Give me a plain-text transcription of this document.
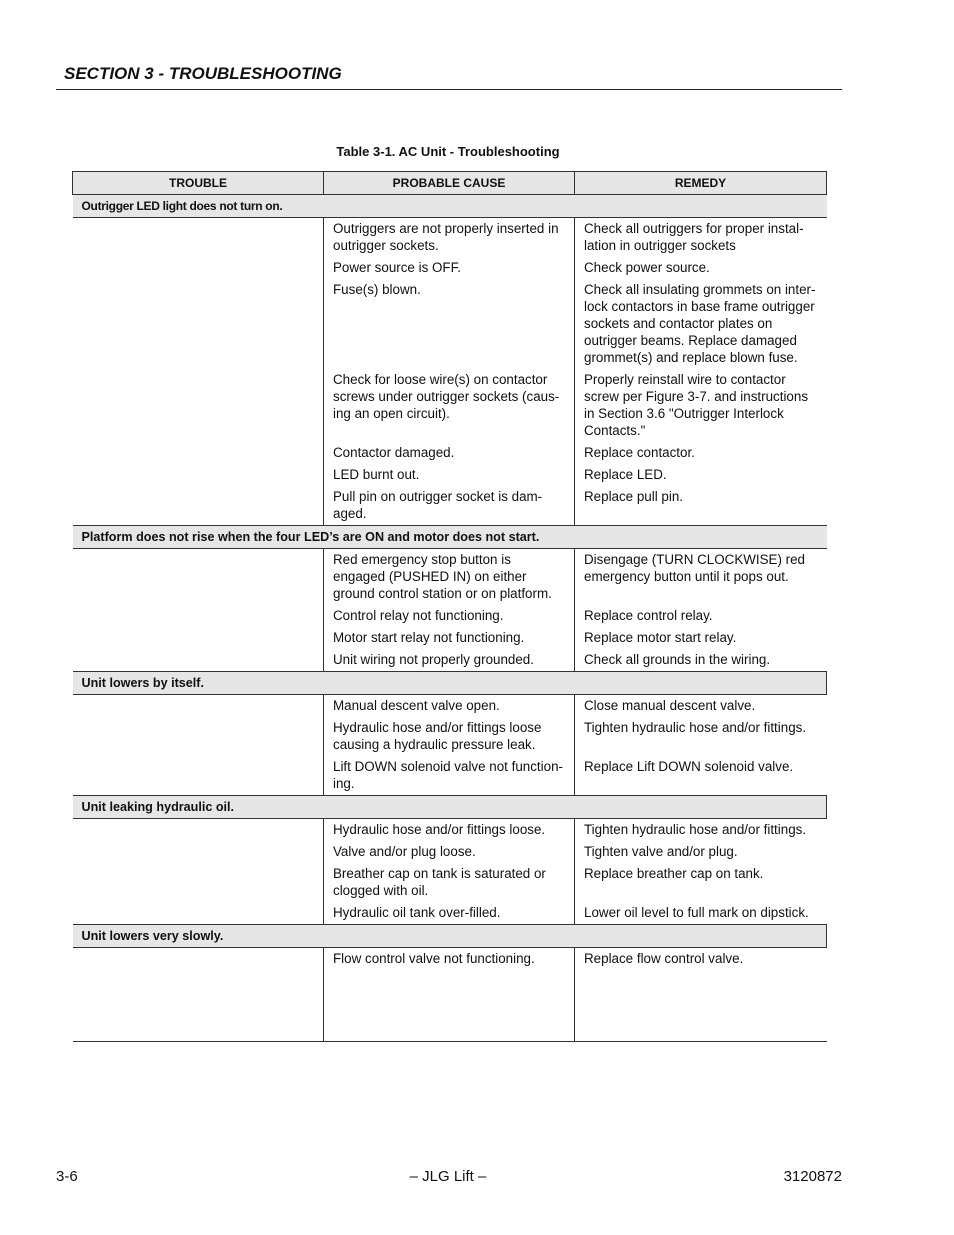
SECTION 3 - TROUBLESHOOTING
Table 3-1. AC Unit - Troubleshooting
TROUBLE	PROBABLE CAUSE	REMEDY
Outrigger LED light does not turn on.		
	Outriggers are not properly inserted in outrigger sockets.	Check all outriggers for proper instal-lation in outrigger sockets
	Power source is OFF.	Check power source.
	Fuse(s) blown.	Check all insulating grommets on inter-lock contactors in base frame outrigger sockets and contactor plates on outrigger beams. Replace damaged grommet(s) and replace blown fuse.
	Check for loose wire(s) on contactor screws under outrigger sockets (caus-ing an open circuit).	Properly reinstall wire to contactor screw per Figure 3-7. and instructions in Section 3.6 "Outrigger Interlock Contacts."
	Contactor damaged.	Replace contactor.
	LED burnt out.	Replace LED.
	Pull pin on outrigger socket is dam-aged.	Replace pull pin.
Platform does not rise when the four LED’s are ON and motor does not start.		
	Red emergency stop button is engaged (PUSHED IN) on either ground control station or on platform.	Disengage (TURN CLOCKWISE) red emergency button until it pops out.
	Control relay not functioning.	Replace control relay.
	Motor start relay not functioning.	Replace motor start relay.
	Unit wiring not properly grounded.	Check all grounds in the wiring.
Unit lowers by itself.		
	Manual descent valve open.	Close manual descent valve.
	Hydraulic hose and/or fittings loose causing a hydraulic pressure leak.	Tighten hydraulic hose and/or fittings.
	Lift DOWN solenoid valve not function-ing.	Replace Lift DOWN solenoid valve.
Unit leaking hydraulic oil.		
	Hydraulic hose and/or fittings loose.	Tighten hydraulic hose and/or fittings.
	Valve and/or plug loose.	Tighten valve and/or plug.
	Breather cap on tank is saturated or clogged with oil.	Replace breather cap on tank.
	Hydraulic oil tank over-filled.	Lower oil level to full mark on dipstick.
Unit lowers very slowly.		
	Flow control valve not functioning.	Replace flow control valve.
3-6	– JLG Lift –	3120872
